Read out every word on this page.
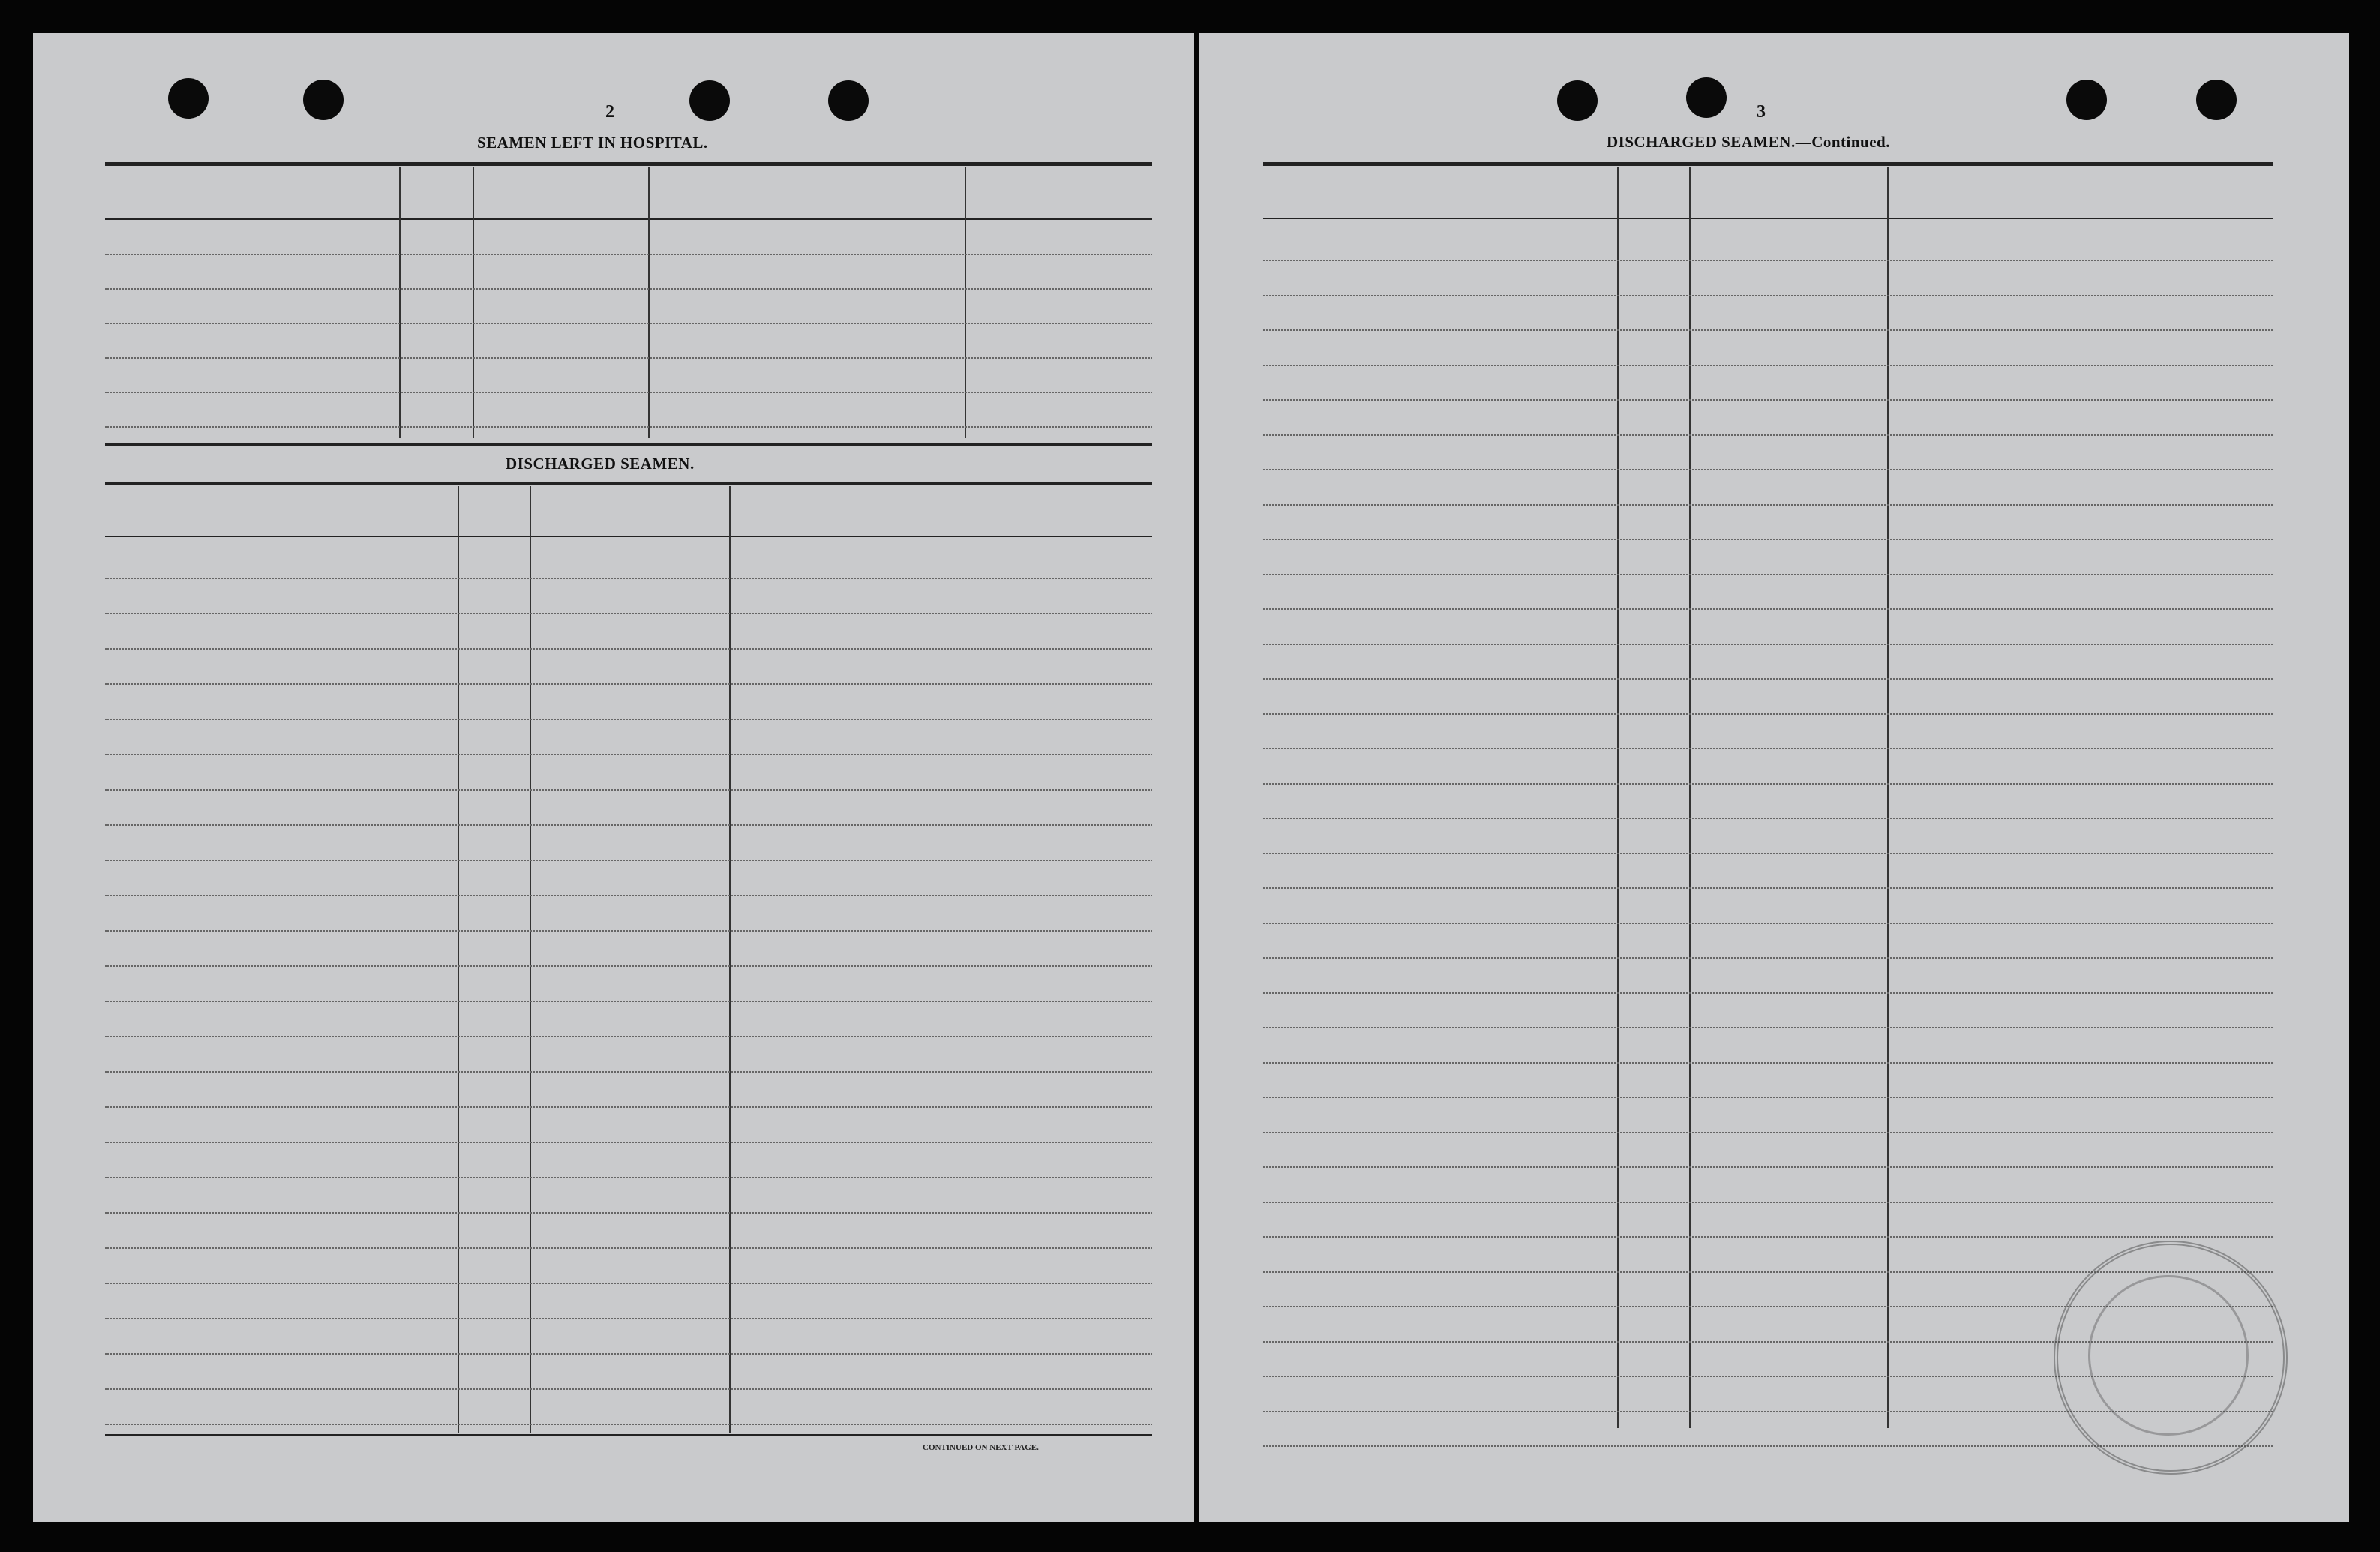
2
SEAMEN LEFT IN HOSPITAL.
DISCHARGED SEAMEN.
CONTINUED ON NEXT PAGE.
3
DISCHARGED SEAMEN.—Continued.
